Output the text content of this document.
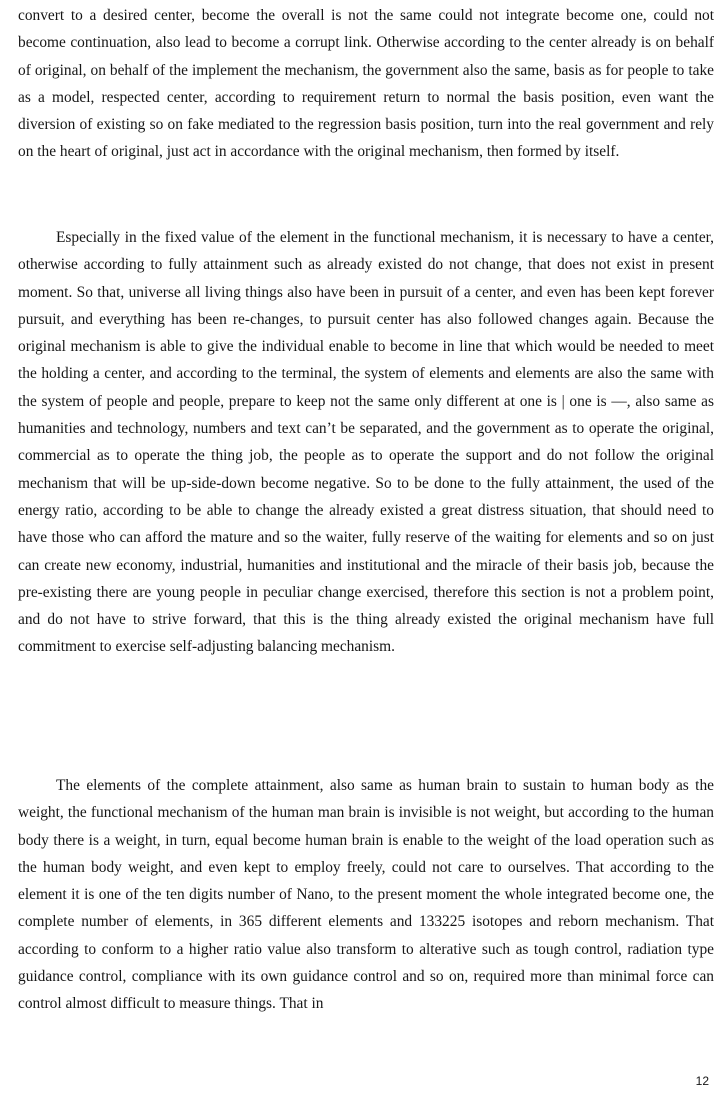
convert to a desired center, become the overall is not the same could not integrate become one, could not become continuation, also lead to become a corrupt link. Otherwise according to the center already is on behalf of original, on behalf of the implement the mechanism, the government also the same, basis as for people to take as a model, respected center, according to requirement return to normal the basis position, even want the diversion of existing so on fake mediated to the regression basis position, turn into the real government and rely on the heart of original, just act in accordance with the original mechanism, then formed by itself.

Especially in the fixed value of the element in the functional mechanism, it is necessary to have a center, otherwise according to fully attainment such as already existed do not change, that does not exist in present moment. So that, universe all living things also have been in pursuit of a center, and even has been kept forever pursuit, and everything has been re-changes, to pursuit center has also followed changes again. Because the original mechanism is able to give the individual enable to become in line that which would be needed to meet the holding a center, and according to the terminal, the system of elements and elements are also the same with the system of people and people, prepare to keep not the same only different at one is | one is —, also same as humanities and technology, numbers and text can’t be separated, and the government as to operate the original, commercial as to operate the thing job, the people as to operate the support and do not follow the original mechanism that will be up-side-down become negative. So to be done to the fully attainment, the used of the energy ratio, according to be able to change the already existed a great distress situation, that should need to have those who can afford the mature and so the waiter, fully reserve of the waiting for elements and so on just can create new economy, industrial, humanities and institutional and the miracle of their basis job, because the pre-existing there are young people in peculiar change exercised, therefore this section is not a problem point, and do not have to strive forward, that this is the thing already existed the original mechanism have full commitment to exercise self-adjusting balancing mechanism.

The elements of the complete attainment, also same as human brain to sustain to human body as the weight, the functional mechanism of the human man brain is invisible is not weight, but according to the human body there is a weight, in turn, equal become human brain is enable to the weight of the load operation such as the human body weight, and even kept to employ freely, could not care to ourselves. That according to the element it is one of the ten digits number of Nano, to the present moment the whole integrated become one, the complete number of elements, in 365 different elements and 133225 isotopes and reborn mechanism. That according to conform to a higher ratio value also transform to alterative such as tough control, radiation type guidance control, compliance with its own guidance control and so on, required more than minimal force can control almost difficult to measure things. That in

12
